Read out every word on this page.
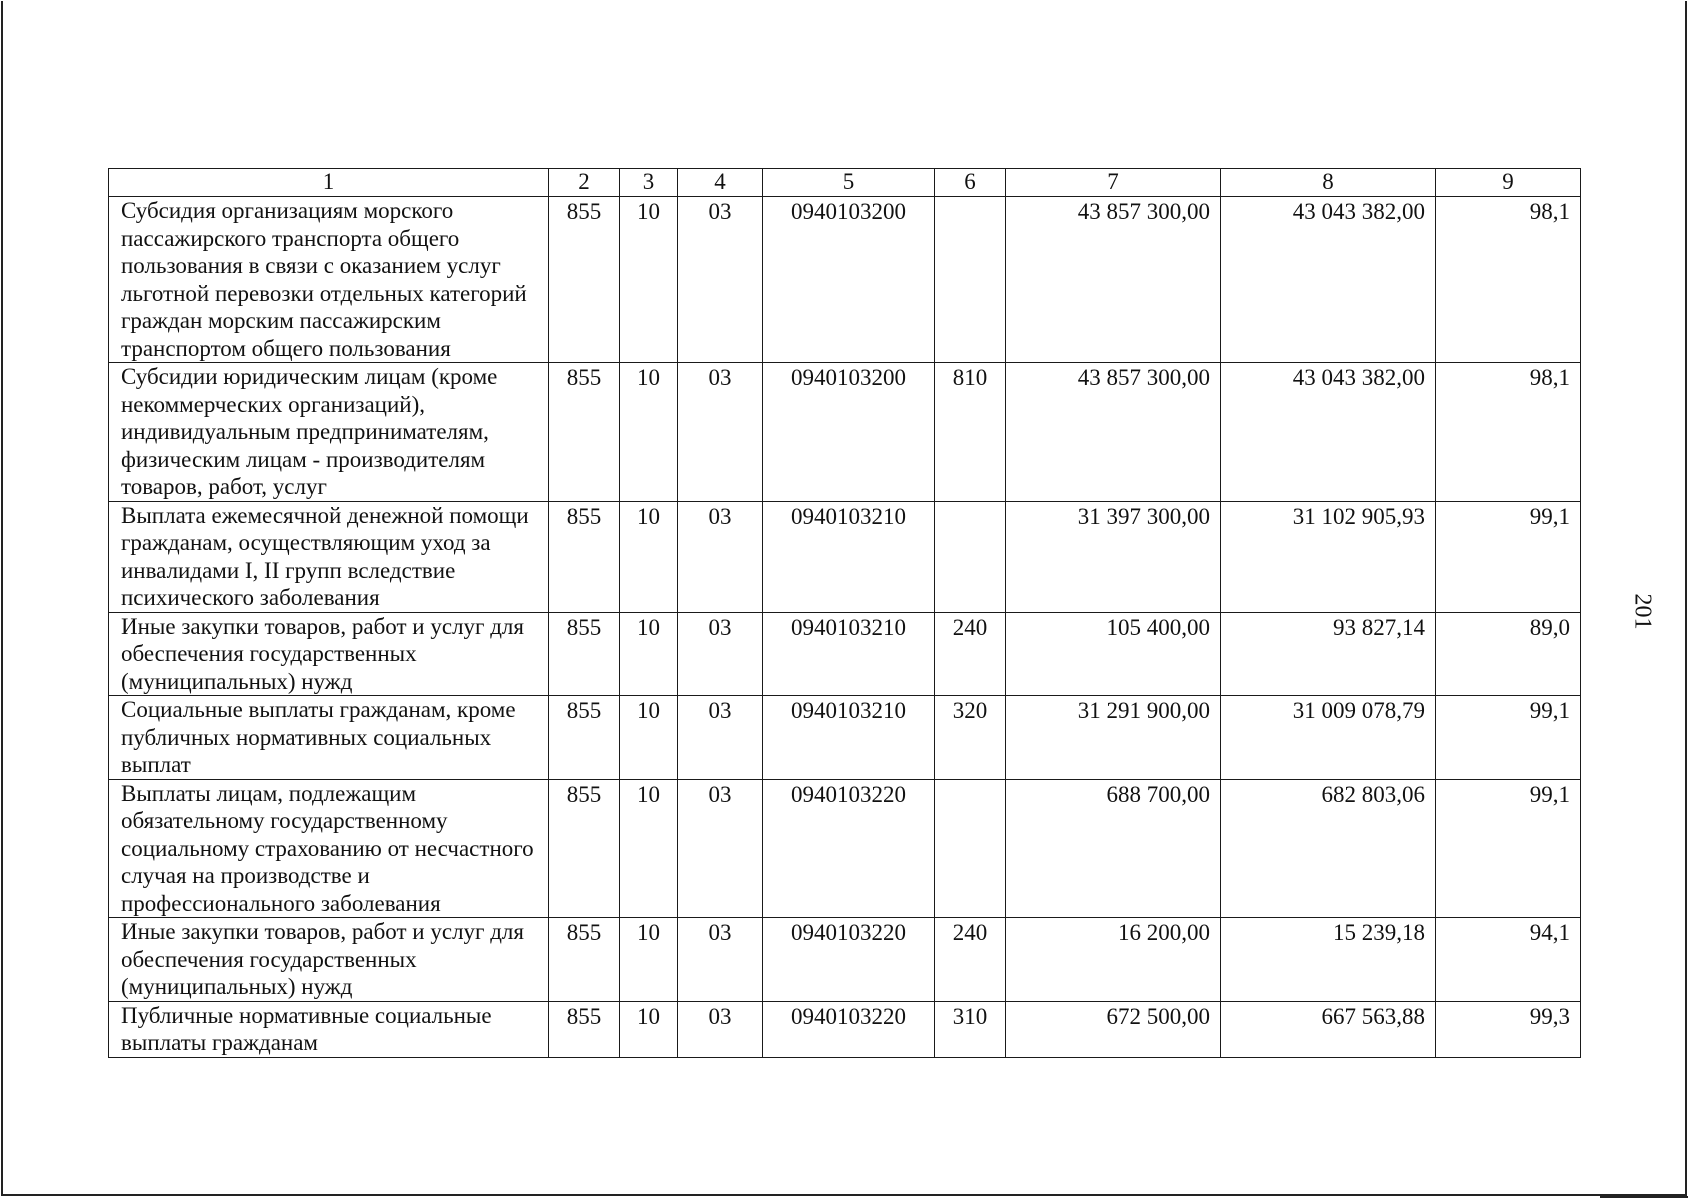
1	2	3	4	5	6	7	8	9
Субсидия организациям морского пассажирского транспорта общего пользования в связи с оказанием услуг льготной перевозки отдельных категорий граждан морским пассажирским транспортом общего пользования	855	10	03	0940103200		43 857 300,00	43 043 382,00	98,1
Субсидии юридическим лицам (кроме некоммерческих организаций), индивидуальным предпринимателям, физическим лицам - производителям товаров, работ, услуг	855	10	03	0940103200	810	43 857 300,00	43 043 382,00	98,1
Выплата ежемесячной денежной помощи гражданам, осуществляющим уход за инвалидами I, II групп вследствие психического заболевания	855	10	03	0940103210		31 397 300,00	31 102 905,93	99,1
Иные закупки товаров, работ и услуг для обеспечения государственных (муниципальных) нужд	855	10	03	0940103210	240	105 400,00	93 827,14	89,0
Социальные выплаты гражданам, кроме публичных нормативных социальных выплат	855	10	03	0940103210	320	31 291 900,00	31 009 078,79	99,1
Выплаты лицам, подлежащим обязательному государственному социальному страхованию от несчастного случая на производстве и профессионального заболевания	855	10	03	0940103220		688 700,00	682 803,06	99,1
Иные закупки товаров, работ и услуг для обеспечения государственных (муниципальных) нужд	855	10	03	0940103220	240	16 200,00	15 239,18	94,1
Публичные нормативные социальные выплаты гражданам	855	10	03	0940103220	310	672 500,00	667 563,88	99,3
201
